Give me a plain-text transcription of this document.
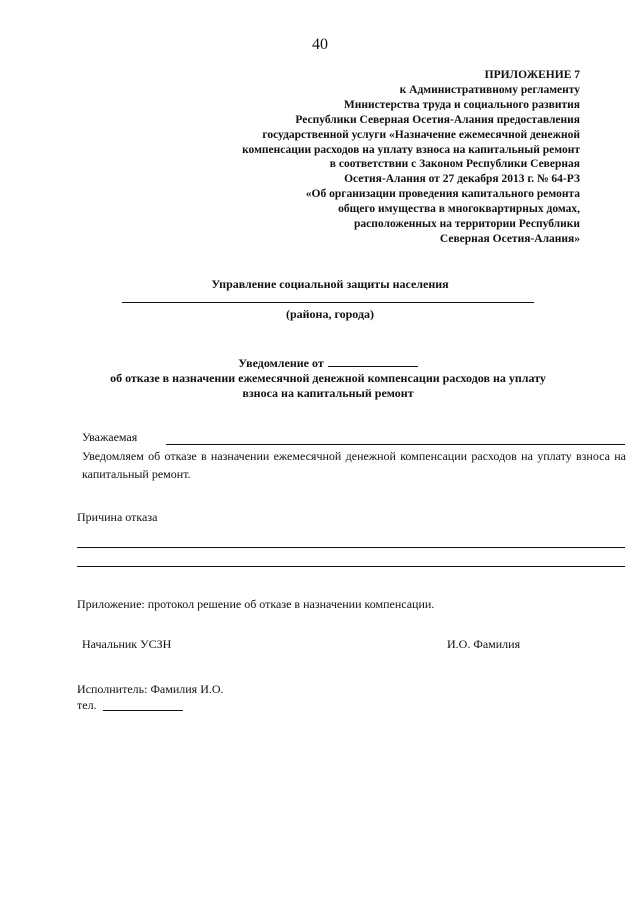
40
ПРИЛОЖЕНИЕ 7
к Административному регламенту
Министерства труда и социального развития
Республики Северная Осетия-Алания предоставления
государственной услуги «Назначение ежемесячной денежной
компенсации расходов на уплату взноса на капитальный ремонт
в соответствии с Законом Республики Северная
Осетия-Алания от 27 декабря 2013 г. № 64-РЗ
«Об организации проведения капитального ремонта
общего имущества в многоквартирных домах,
расположенных на территории Республики
Северная Осетия-Алания»
Управление социальной защиты населения
(района, города)
Уведомление от
об отказе в назначении ежемесячной денежной компенсации расходов на уплату
взноса на капитальный ремонт
Уважаемая
Уведомляем об отказе в назначении ежемесячной денежной компенсации расходов на уплату взноса на капитальный ремонт.
Причина отказа
Приложение: протокол решение об отказе в назначении компенсации.
Начальник УСЗН	И.О. Фамилия
Исполнитель: Фамилия И.О.
тел.
